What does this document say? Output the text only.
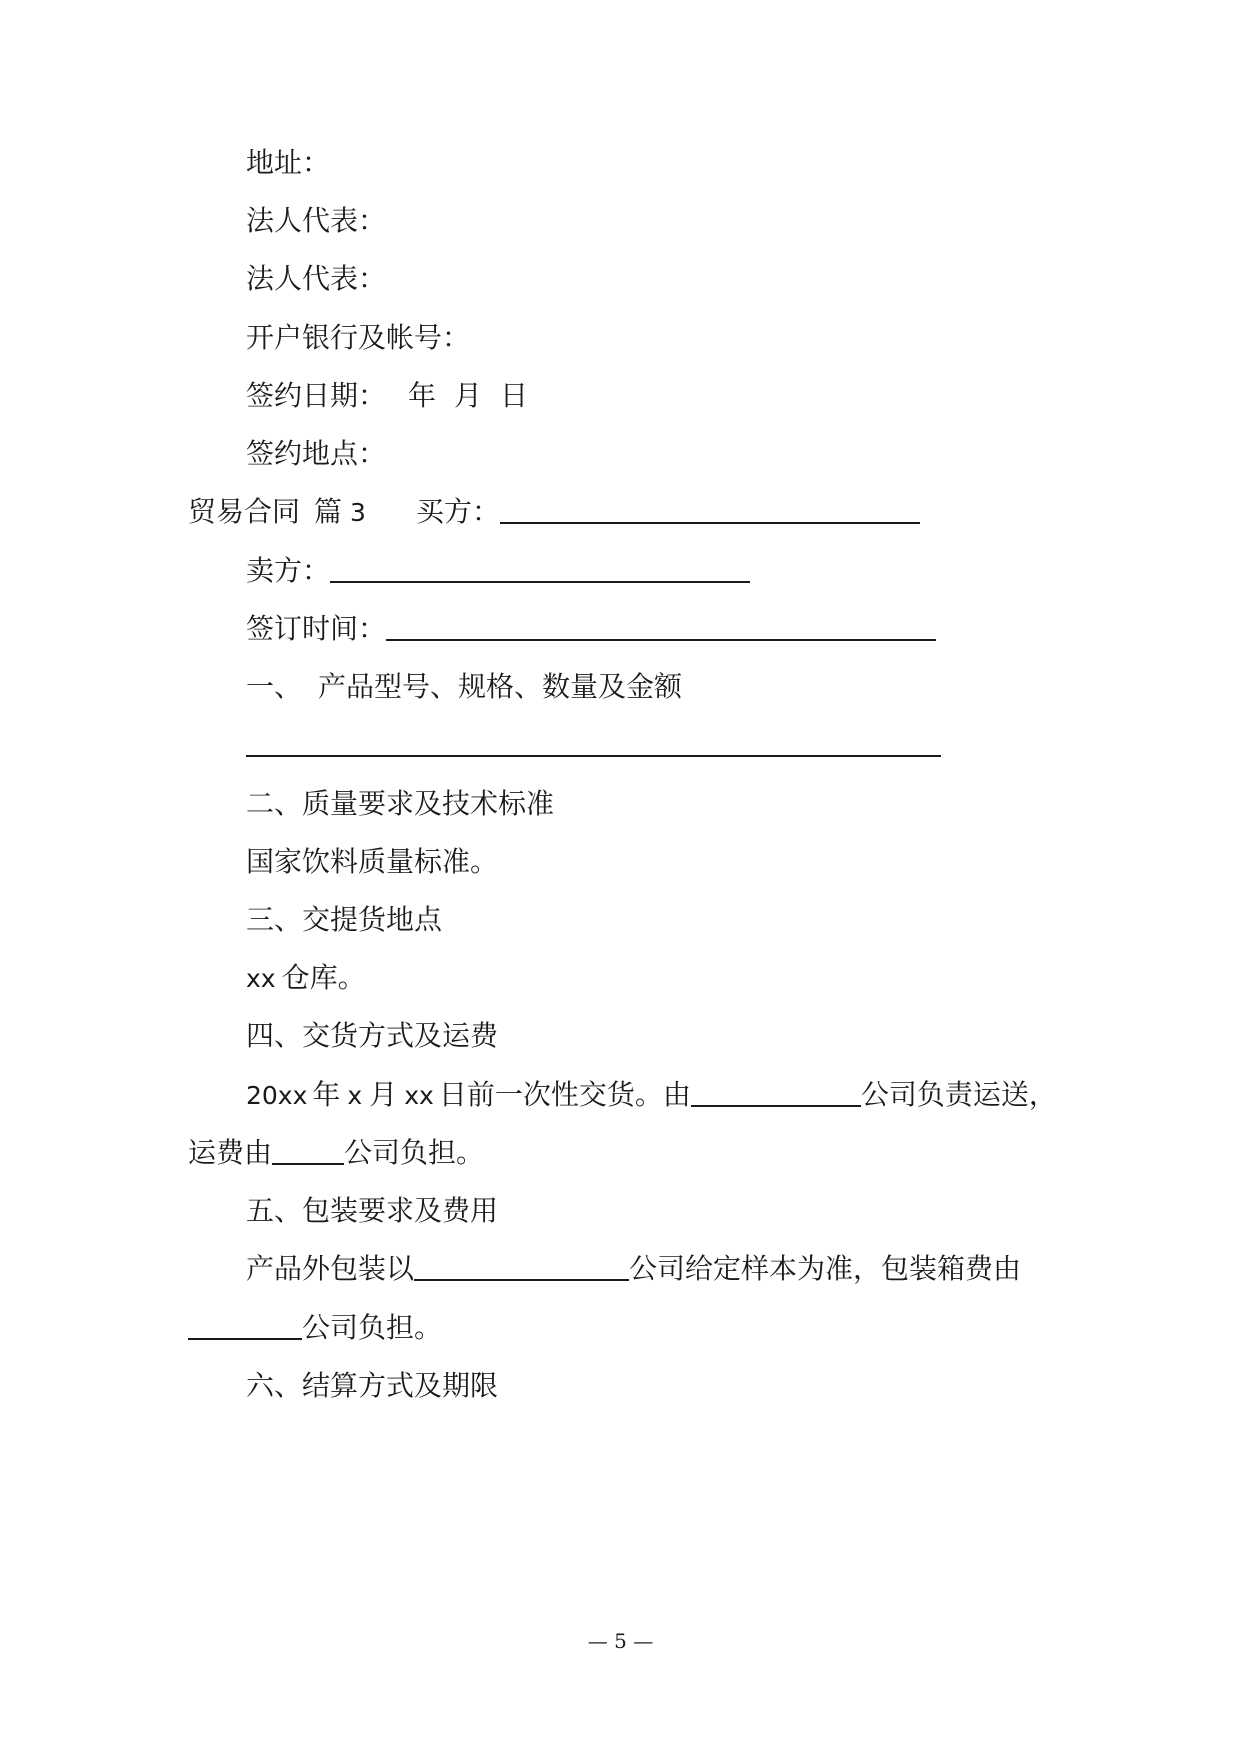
地址：
法人代表：
法人代表：
开户银行及帐号：
签约日期： 年 月 日
签约地点：
贸易合同 篇 3 买方：
卖方：
签订时间：
一、 产品型号、规格、数量及金额
二、质量要求及技术标准
国家饮料质量标准。
三、交提货地点
xx 仓库。
四、交货方式及运费
20xx 年 x 月 xx 日前一次性交货。由	公司负责运送，
运费由	公司负担。
五、包装要求及费用
产品外包装以	公司给定样本为准，包装箱费由
公司负担。
六、结算方式及期限
— 5 —
